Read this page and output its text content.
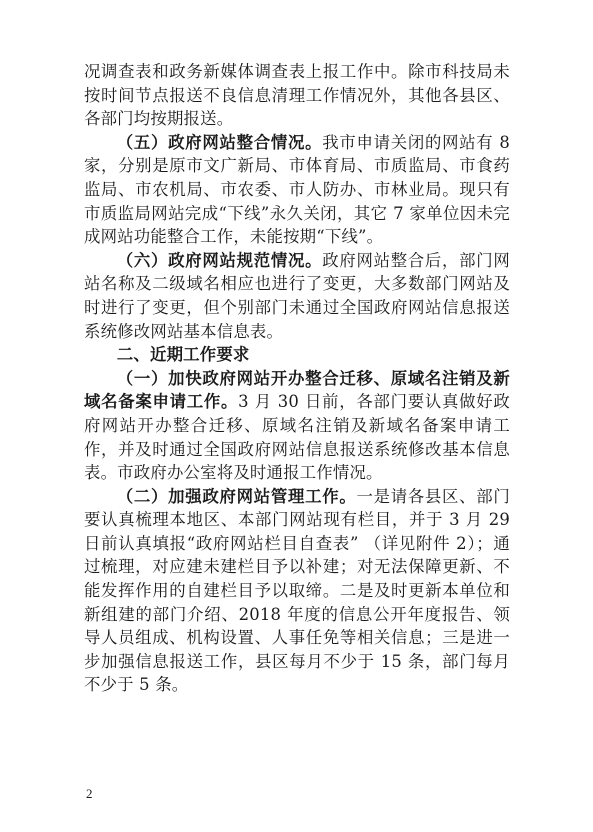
况调查表和政务新媒体调查表上报工作中。除市科技局未按时间节点报送不良信息清理工作情况外，其他各县区、各部门均按期报送。

（五）政府网站整合情况。我市申请关闭的网站有 8 家，分别是原市文广新局、市体育局、市质监局、市食药监局、市农机局、市农委、市人防办、市林业局。现只有市质监局网站完成“下线”永久关闭，其它 7 家单位因未完成网站功能整合工作，未能按期“下线”。

（六）政府网站规范情况。政府网站整合后，部门网站名称及二级域名相应也进行了变更，大多数部门网站及时进行了变更，但个别部门未通过全国政府网站信息报送系统修改网站基本信息表。

二、近期工作要求

（一）加快政府网站开办整合迁移、原域名注销及新域名备案申请工作。3 月 30 日前，各部门要认真做好政府网站开办整合迁移、原域名注销及新域名备案申请工作，并及时通过全国政府网站信息报送系统修改基本信息表。市政府办公室将及时通报工作情况。

（二）加强政府网站管理工作。一是请各县区、部门要认真梳理本地区、本部门网站现有栏目，并于 3 月 29 日前认真填报“政府网站栏目自查表” （详见附件 2）；通过梳理，对应建未建栏目予以补建；对无法保障更新、不能发挥作用的自建栏目予以取缔。二是及时更新本单位和新组建的部门介绍、2018 年度的信息公开年度报告、领导人员组成、机构设置、人事任免等相关信息；三是进一步加强信息报送工作，县区每月不少于 15 条，部门每月不少于 5 条。

2
